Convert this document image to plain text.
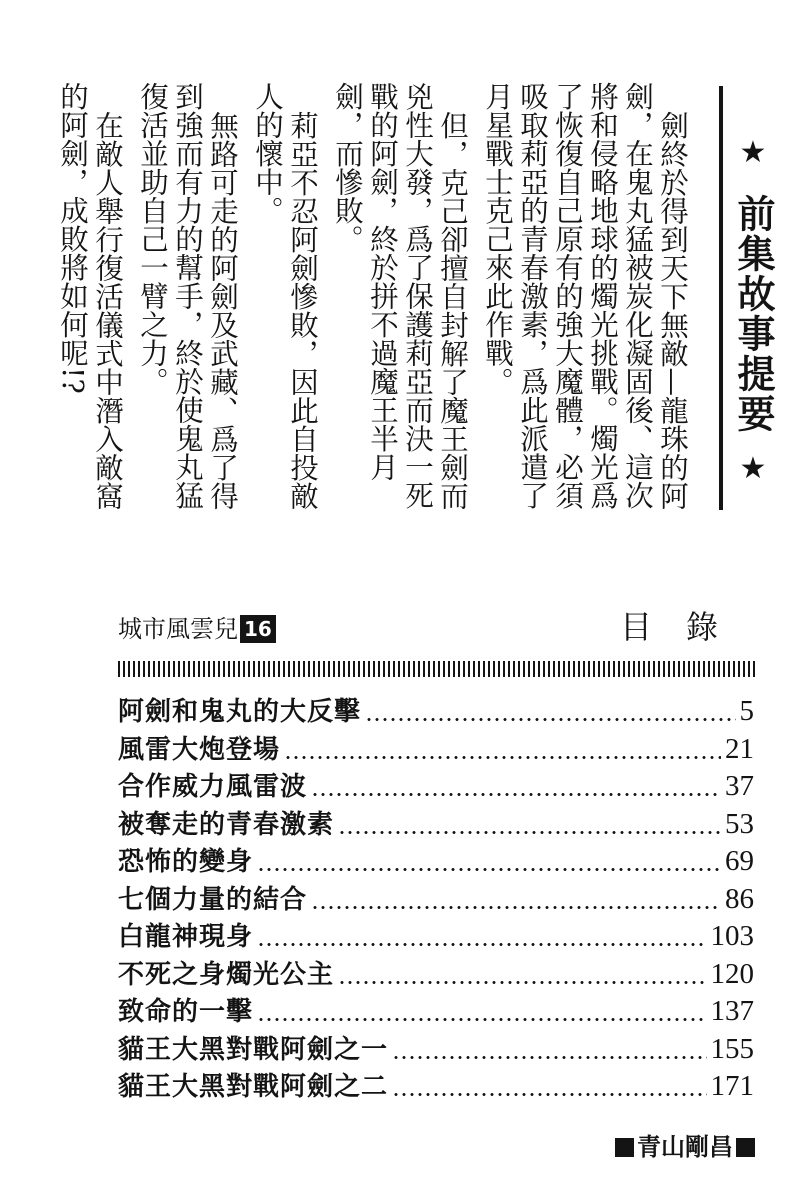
劍終於得到天下無敵—龍珠的阿劍，在鬼丸猛被炭化凝固後、這次將和侵略地球的燭光挑戰。燭光爲了恢復自己原有的強大魔體，必須吸取莉亞的青春激素，爲此派遣了月星戰士克己來此作戰。

但，克己卻擅自封解了魔王劍而兇性大發，爲了保護莉亞而決一死戰的阿劍，終於拼不過魔王半月劍，而慘敗。

莉亞不忍阿劍慘敗，因此自投敵人的懷中。

無路可走的阿劍及武藏、爲了得到強而有力的幫手，終於使鬼丸猛復活並助自己一臂之力。

在敵人舉行復活儀式中潛入敵窩的阿劍，成敗將如何呢!?	★
前集故事提要
★
城市風雲兒 16	目錄
阿劍和鬼丸的大反擊	5
風雷大炮登場	21
合作威力風雷波	37
被奪走的青春激素	53
恐怖的變身	69
七個力量的結合	86
白龍神現身	103
不死之身燭光公主	120
致命的一擊	137
貓王大黑對戰阿劍之一	155
貓王大黑對戰阿劍之二	171
青山剛昌
